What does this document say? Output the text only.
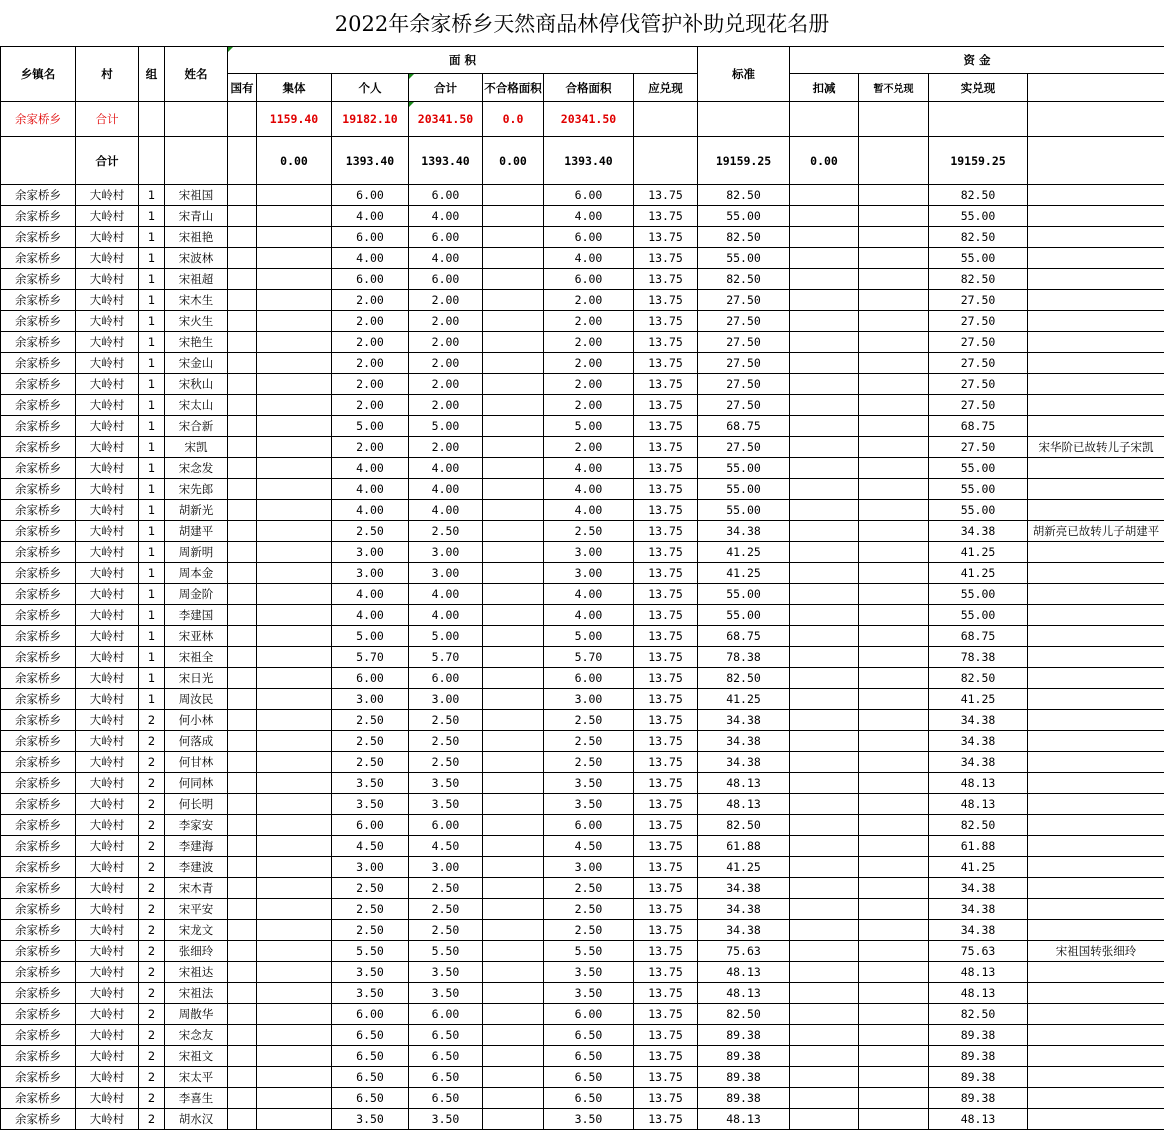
2022年余家桥乡天然商品林停伐管护补助兑现花名册
乡镇名	村	组	姓名	面 积							标准	资 金	
				国有	集体	个人	合计	不合格面积	合格面积	应兑现		扣减	暂不兑现	实兑现		
余家桥乡	合计				1159.40	19182.10	20341.50	0.0	20341.50							
	合计				0.00	1393.40	1393.40	0.00	1393.40		19159.25	0.00		19159.25		
余家桥乡	大岭村	1	宋祖国			6.00	6.00		6.00	13.75	82.50			82.50		
余家桥乡	大岭村	1	宋青山			4.00	4.00		4.00	13.75	55.00			55.00		
余家桥乡	大岭村	1	宋祖艳			6.00	6.00		6.00	13.75	82.50			82.50		
余家桥乡	大岭村	1	宋波林			4.00	4.00		4.00	13.75	55.00			55.00		
余家桥乡	大岭村	1	宋祖超			6.00	6.00		6.00	13.75	82.50			82.50		
余家桥乡	大岭村	1	宋木生			2.00	2.00		2.00	13.75	27.50			27.50		
余家桥乡	大岭村	1	宋火生			2.00	2.00		2.00	13.75	27.50			27.50		
余家桥乡	大岭村	1	宋艳生			2.00	2.00		2.00	13.75	27.50			27.50		
余家桥乡	大岭村	1	宋金山			2.00	2.00		2.00	13.75	27.50			27.50		
余家桥乡	大岭村	1	宋秋山			2.00	2.00		2.00	13.75	27.50			27.50		
余家桥乡	大岭村	1	宋太山			2.00	2.00		2.00	13.75	27.50			27.50		
余家桥乡	大岭村	1	宋合新			5.00	5.00		5.00	13.75	68.75			68.75		
余家桥乡	大岭村	1	宋凯			2.00	2.00		2.00	13.75	27.50			27.50	宋华阶已故转儿子宋凯	
余家桥乡	大岭村	1	宋念发			4.00	4.00		4.00	13.75	55.00			55.00		
余家桥乡	大岭村	1	宋先郎			4.00	4.00		4.00	13.75	55.00			55.00		
余家桥乡	大岭村	1	胡新光			4.00	4.00		4.00	13.75	55.00			55.00		
余家桥乡	大岭村	1	胡建平			2.50	2.50		2.50	13.75	34.38			34.38	胡新亮已故转儿子胡建平	
余家桥乡	大岭村	1	周新明			3.00	3.00		3.00	13.75	41.25			41.25		
余家桥乡	大岭村	1	周本金			3.00	3.00		3.00	13.75	41.25			41.25		
余家桥乡	大岭村	1	周金阶			4.00	4.00		4.00	13.75	55.00			55.00		
余家桥乡	大岭村	1	李建国			4.00	4.00		4.00	13.75	55.00			55.00		
余家桥乡	大岭村	1	宋亚林			5.00	5.00		5.00	13.75	68.75			68.75		
余家桥乡	大岭村	1	宋祖全			5.70	5.70		5.70	13.75	78.38			78.38		
余家桥乡	大岭村	1	宋日光			6.00	6.00		6.00	13.75	82.50			82.50		
余家桥乡	大岭村	1	周汝民			3.00	3.00		3.00	13.75	41.25			41.25		
余家桥乡	大岭村	2	何小林			2.50	2.50		2.50	13.75	34.38			34.38		
余家桥乡	大岭村	2	何落成			2.50	2.50		2.50	13.75	34.38			34.38		
余家桥乡	大岭村	2	何甘林			2.50	2.50		2.50	13.75	34.38			34.38		
余家桥乡	大岭村	2	何同林			3.50	3.50		3.50	13.75	48.13			48.13		
余家桥乡	大岭村	2	何长明			3.50	3.50		3.50	13.75	48.13			48.13		
余家桥乡	大岭村	2	李家安			6.00	6.00		6.00	13.75	82.50			82.50		
余家桥乡	大岭村	2	李建海			4.50	4.50		4.50	13.75	61.88			61.88		
余家桥乡	大岭村	2	李建波			3.00	3.00		3.00	13.75	41.25			41.25		
余家桥乡	大岭村	2	宋木青			2.50	2.50		2.50	13.75	34.38			34.38		
余家桥乡	大岭村	2	宋平安			2.50	2.50		2.50	13.75	34.38			34.38		
余家桥乡	大岭村	2	宋龙文			2.50	2.50		2.50	13.75	34.38			34.38		
余家桥乡	大岭村	2	张细玲			5.50	5.50		5.50	13.75	75.63			75.63	宋祖国转张细玲	
余家桥乡	大岭村	2	宋祖达			3.50	3.50		3.50	13.75	48.13			48.13		
余家桥乡	大岭村	2	宋祖法			3.50	3.50		3.50	13.75	48.13			48.13		
余家桥乡	大岭村	2	周散华			6.00	6.00		6.00	13.75	82.50			82.50		
余家桥乡	大岭村	2	宋念友			6.50	6.50		6.50	13.75	89.38			89.38		
余家桥乡	大岭村	2	宋祖文			6.50	6.50		6.50	13.75	89.38			89.38		
余家桥乡	大岭村	2	宋太平			6.50	6.50		6.50	13.75	89.38			89.38		
余家桥乡	大岭村	2	李喜生			6.50	6.50		6.50	13.75	89.38			89.38		
余家桥乡	大岭村	2	胡水汉			3.50	3.50		3.50	13.75	48.13			48.13		
